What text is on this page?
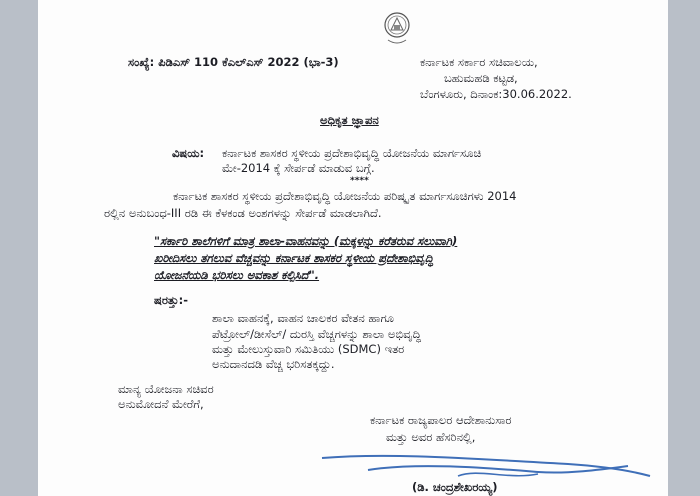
ಸಂಖ್ಯೆ: ಪಿಡಿಎಸ್ 110 ಕೆಎಲ್ಎಸ್ 2022 (ಭಾ-3)	ಕರ್ನಾಟಕ ಸರ್ಕಾರ ಸಚಿವಾಲಯ,
ಬಹುಮಹಡಿ ಕಟ್ಟಡ,
ಬೆಂಗಳೂರು, ದಿನಾಂಕ:30.06.2022.
ಅಧಿಕೃತ ಜ್ಞಾಪನ
ವಿಷಯ: ಕರ್ನಾಟಕ ಶಾಸಕರ ಸ್ಥಳೀಯ ಪ್ರದೇಶಾಭಿವೃದ್ಧಿ ಯೋಜನೆಯ ಮಾರ್ಗಸೂಚಿ
ಮೇ-2014 ಕ್ಕೆ ಸೇರ್ಪಡೆ ಮಾಡುವ ಬಗ್ಗೆ.
****
ಕರ್ನಾಟಕ ಶಾಸಕರ ಸ್ಥಳೀಯ ಪ್ರದೇಶಾಭಿವೃದ್ಧಿ ಯೋಜನೆಯ ಪರಿಷ್ಕೃತ ಮಾರ್ಗಸೂಚಿಗಳು 2014
ರಲ್ಲಿನ ಅನುಬಂಧ-III ರಡಿ ಈ ಕೆಳಕಂಡ ಅಂಶಗಳನ್ನು ಸೇರ್ಪಡೆ ಮಾಡಲಾಗಿದೆ.
"ಸರ್ಕಾರಿ ಶಾಲೆಗಳಿಗೆ ಮಾತ್ರ ಶಾಲಾ-ವಾಹನವನ್ನು (ಮಕ್ಕಳನ್ನು ಕರೆತರುವ ಸಲುವಾಗಿ)
ಖರೀದಿಸಲು ತಗಲುವ ವೆಚ್ಚವನ್ನು ಕರ್ನಾಟಕ ಶಾಸಕರ ಸ್ಥಳೀಯ ಪ್ರದೇಶಾಭಿವೃದ್ಧಿ
ಯೋಜನೆಯಡಿ ಭರಿಸಲು ಅವಕಾಶ ಕಲ್ಪಿಸಿದೆ".
ಷರತ್ತು:-
ಶಾಲಾ ವಾಹನಕ್ಕೆ, ವಾಹನ ಚಾಲಕರ ವೇತನ ಹಾಗೂ
ಪೆಟ್ರೋಲ್/ಡೀಸೆಲ್/ ದುರಸ್ತಿ ವೆಚ್ಚಗಳನ್ನು ಶಾಲಾ ಅಭಿವೃದ್ಧಿ
ಮತ್ತು ಮೇಲುಸ್ತುವಾರಿ ಸಮಿತಿಯು (SDMC) ಇತರ
ಅನುದಾನದಡಿ ವೆಚ್ಚ ಭರಿಸತಕ್ಕದ್ದು.
ಮಾನ್ಯ ಯೋಜನಾ ಸಚಿವರ
ಅನುಮೋದನೆ ಮೇರೆಗೆ,
ಕರ್ನಾಟಕ ರಾಜ್ಯಪಾಲರ ಆದೇಶಾನುಸಾರ
ಮತ್ತು ಅವರ ಹೆಸರಿನಲ್ಲಿ,
(ಡಿ. ಚಂದ್ರಶೇಖರಯ್ಯ)
